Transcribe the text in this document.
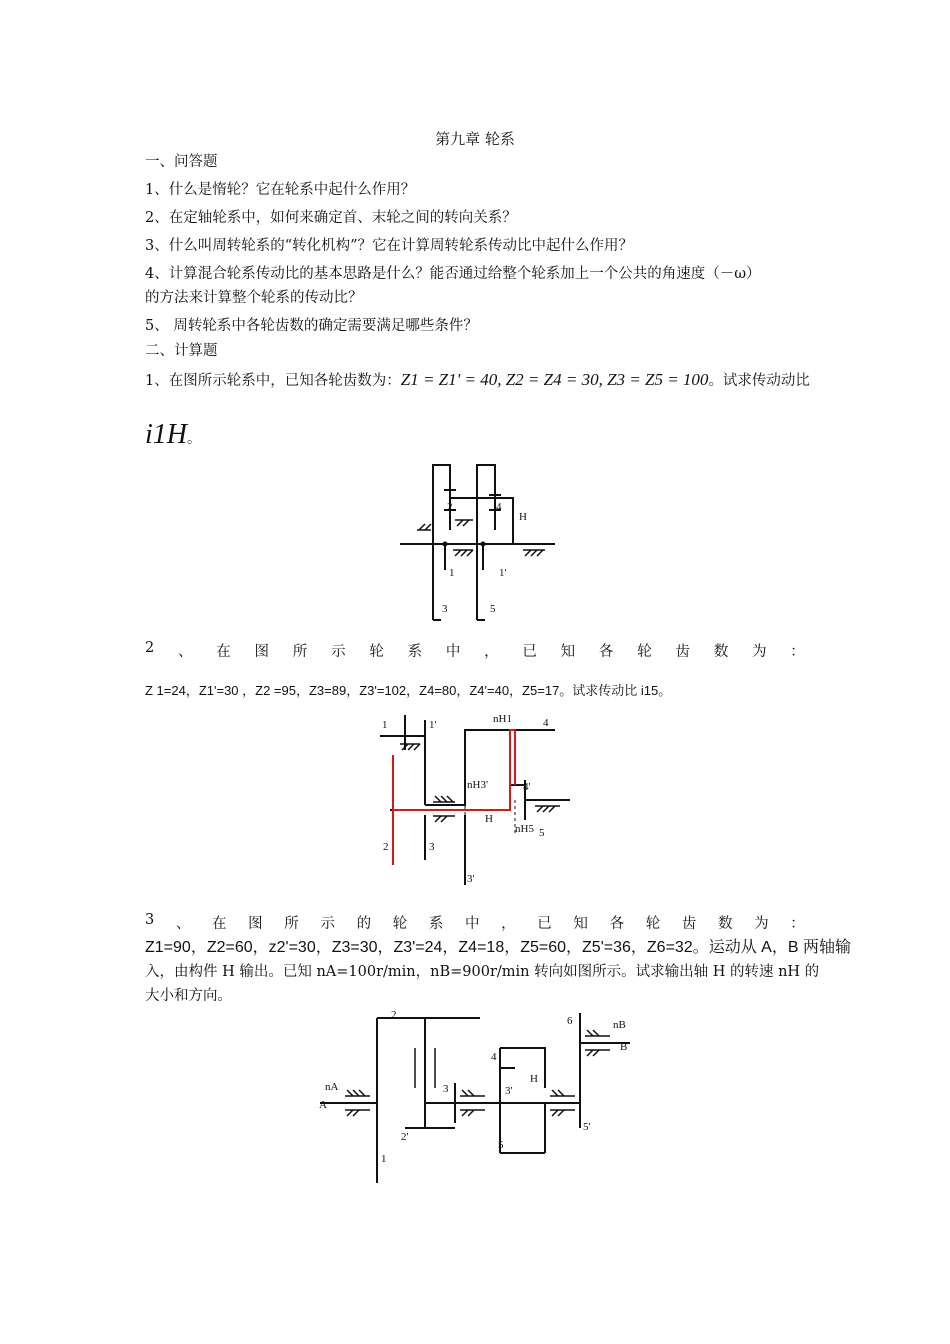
第九章 轮系
一、问答题
1、什么是惰轮？它在轮系中起什么作用？
2、在定轴轮系中，如何来确定首、末轮之间的转向关系？
3、什么叫周转轮系的“转化机构”？它在计算周转轮系传动比中起什么作用？
4、计算混合轮系传动比的基本思路是什么？能否通过给整个轮系加上一个公共的角速度（－ω）
的方法来计算整个轮系的传动比？
5、 周转轮系中各轮齿数的确定需要满足哪些条件？
二、计算题
1、在图所示轮系中，已知各轮齿数为：Z1 = Z1' = 40, Z2 = Z4 = 30, Z3 = Z5 = 100。试求传动动比
i1H。
2	4
H
1	1'
3	5
2 、 在 图 所 示 轮 系 中 ， 已 知 各 轮 齿 数 为 ：
Z 1=24，Z1'=30 ，Z2 =95，Z3=89，Z3'=102，Z4=80，Z4'=40，Z5=17。试求传动比 i15。
1	1'	4
nH1
nH3'	4'
H
nH5 5
2	3
3'
3 、 在 图 所 示 的 轮 系 中 ， 已 知 各 轮 齿 数 为 ：
Z1=90，Z2=60，z2'=30，Z3=30，Z3'=24，Z4=18，Z5=60，Z5'=36，Z6=32。运动从 A，B 两轴输
入，由构件 H 输出。已知 nA=100r/min，nB=900r/min 转向如图所示。试求输出轴 H 的转速 nH 的
大小和方向。
2	6	nB
B
4
nA
A
3	3'
H
2'
5'
5
1
